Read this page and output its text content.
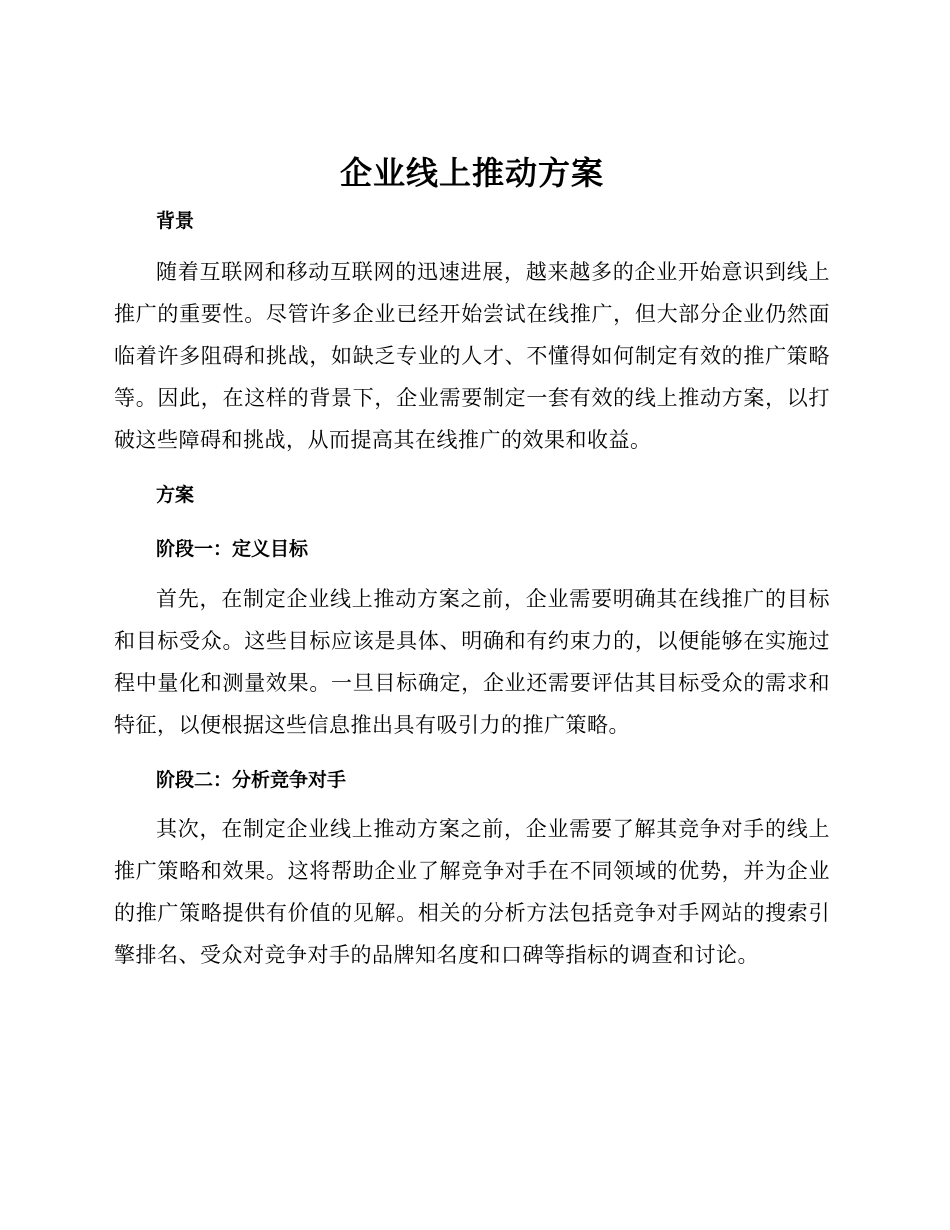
企业线上推动方案
背景

随着互联网和移动互联网的迅速进展，越来越多的企业开始意识到线上推广的重要性。尽管许多企业已经开始尝试在线推广，但大部分企业仍然面临着许多阻碍和挑战，如缺乏专业的人才、不懂得如何制定有效的推广策略等。因此，在这样的背景下，企业需要制定一套有效的线上推动方案，以打破这些障碍和挑战，从而提高其在线推广的效果和收益。

方案
阶段一：定义目标

首先，在制定企业线上推动方案之前，企业需要明确其在线推广的目标和目标受众。这些目标应该是具体、明确和有约束力的，以便能够在实施过程中量化和测量效果。一旦目标确定，企业还需要评估其目标受众的需求和特征，以便根据这些信息推出具有吸引力的推广策略。

阶段二：分析竞争对手

其次，在制定企业线上推动方案之前，企业需要了解其竞争对手的线上推广策略和效果。这将帮助企业了解竞争对手在不同领域的优势，并为企业的推广策略提供有价值的见解。相关的分析方法包括竞争对手网站的搜索引擎排名、受众对竞争对手的品牌知名度和口碑等指标的调查和讨论。
